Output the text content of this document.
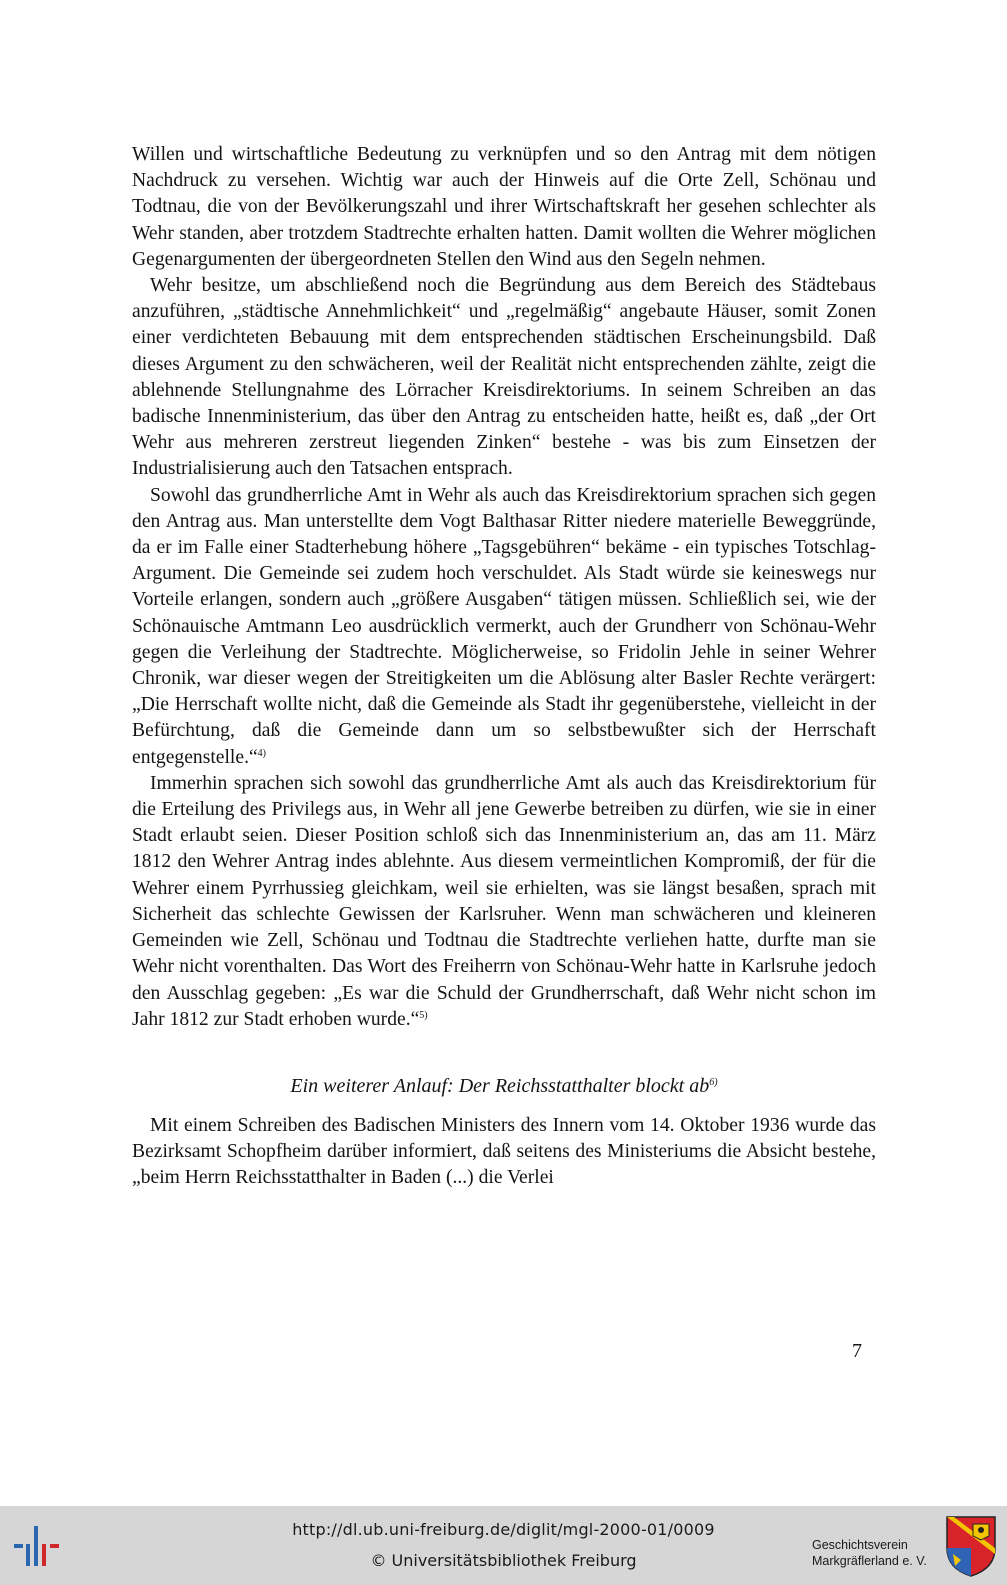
Willen und wirtschaftliche Bedeutung zu verknüpfen und so den Antrag mit dem nötigen Nachdruck zu versehen. Wichtig war auch der Hinweis auf die Orte Zell, Schönau und Todtnau, die von der Bevölkerungszahl und ihrer Wirtschaftskraft her gesehen schlechter als Wehr standen, aber trotzdem Stadtrechte erhalten hatten. Damit wollten die Wehrer möglichen Gegenargumenten der übergeordneten Stellen den Wind aus den Segeln nehmen.

Wehr besitze, um abschließend noch die Begründung aus dem Bereich des Städtebaus anzuführen, „städtische Annehmlichkeit“ und „regelmäßig“ angebaute Häuser, somit Zonen einer verdichteten Bebauung mit dem entsprechenden städtischen Erscheinungsbild. Daß dieses Argument zu den schwächeren, weil der Realität nicht entsprechenden zählte, zeigt die ablehnende Stellungnahme des Lörracher Kreisdirektoriums. In seinem Schreiben an das badische Innenministerium, das über den Antrag zu entscheiden hatte, heißt es, daß „der Ort Wehr aus mehreren zerstreut liegenden Zinken“ bestehe - was bis zum Einsetzen der Industrialisierung auch den Tatsachen entsprach.

Sowohl das grundherrliche Amt in Wehr als auch das Kreisdirektorium sprachen sich gegen den Antrag aus. Man unterstellte dem Vogt Balthasar Ritter niedere materielle Beweggründe, da er im Falle einer Stadterhebung höhere „Tagsgebühren“ bekäme - ein typisches Totschlag-Argument. Die Gemeinde sei zudem hoch verschuldet. Als Stadt würde sie keineswegs nur Vorteile erlangen, sondern auch „größere Ausgaben“ tätigen müssen. Schließlich sei, wie der Schönauische Amtmann Leo ausdrücklich vermerkt, auch der Grundherr von Schönau-Wehr gegen die Verleihung der Stadtrechte. Möglicherweise, so Fridolin Jehle in seiner Wehrer Chronik, war dieser wegen der Streitigkeiten um die Ablösung alter Basler Rechte verärgert: „Die Herrschaft wollte nicht, daß die Gemeinde als Stadt ihr gegenüberstehe, vielleicht in der Befürchtung, daß die Gemeinde dann um so selbstbewußter sich der Herrschaft entgegenstelle.“$^{4)}$

Immerhin sprachen sich sowohl das grundherrliche Amt als auch das Kreisdirektorium für die Erteilung des Privilegs aus, in Wehr all jene Gewerbe betreiben zu dürfen, wie sie in einer Stadt erlaubt seien. Dieser Position schloß sich das Innenministerium an, das am 11. März 1812 den Wehrer Antrag indes ablehnte. Aus diesem vermeintlichen Kompromiß, der für die Wehrer einem Pyrrhussieg gleichkam, weil sie erhielten, was sie längst besaßen, sprach mit Sicherheit das schlechte Gewissen der Karlsruher. Wenn man schwächeren und kleineren Gemeinden wie Zell, Schönau und Todtnau die Stadtrechte verliehen hatte, durfte man sie Wehr nicht vorenthalten. Das Wort des Freiherrn von Schönau-Wehr hatte in Karlsruhe jedoch den Ausschlag gegeben: „Es war die Schuld der Grundherrschaft, daß Wehr nicht schon im Jahr 1812 zur Stadt erhoben wurde.“$^{5)}$

Ein weiterer Anlauf: Der Reichsstatthalter blockt ab$^{6)}$

Mit einem Schreiben des Badischen Ministers des Innern vom 14. Oktober 1936 wurde das Bezirksamt Schopfheim darüber informiert, daß seitens des Ministeriums die Absicht bestehe, „beim Herrn Reichsstatthalter in Baden (...) die Verlei

7
http://dl.ub.uni-freiburg.de/diglit/mgl-2000-01/0009
© Universitätsbibliothek Freiburg
Geschichtsverein
Markgräflerland e. V.
